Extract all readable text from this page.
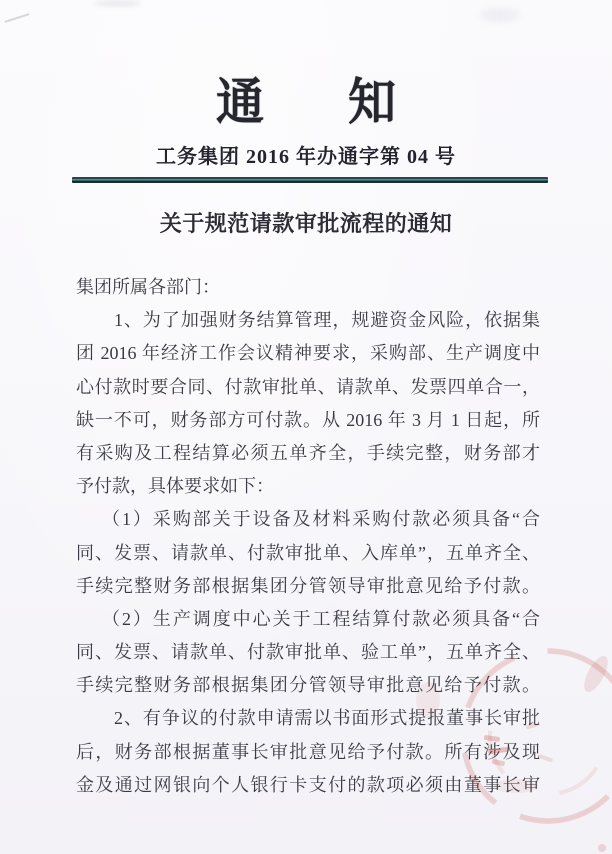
通 知
工务集团 2016 年办通字第 04 号
关于规范请款审批流程的通知
集团所属各部门：
1、为了加强财务结算管理，规避资金风险，依据集
团 2016 年经济工作会议精神要求，采购部、生产调度中
心付款时要合同、付款审批单、请款单、发票四单合一，
缺一不可，财务部方可付款。从 2016 年 3 月 1 日起，所
有采购及工程结算必须五单齐全，手续完整，财务部才
予付款，具体要求如下：
（1）采购部关于设备及材料采购付款必须具备“合
同、发票、请款单、付款审批单、入库单”，五单齐全、
手续完整财务部根据集团分管领导审批意见给予付款。
（2）生产调度中心关于工程结算付款必须具备“合
同、发票、请款单、付款审批单、验工单”，五单齐全、
手续完整财务部根据集团分管领导审批意见给予付款。
2、有争议的付款申请需以书面形式提报董事长审批
后，财务部根据董事长审批意见给予付款。所有涉及现
金及通过网银向个人银行卡支付的款项必须由董事长审
